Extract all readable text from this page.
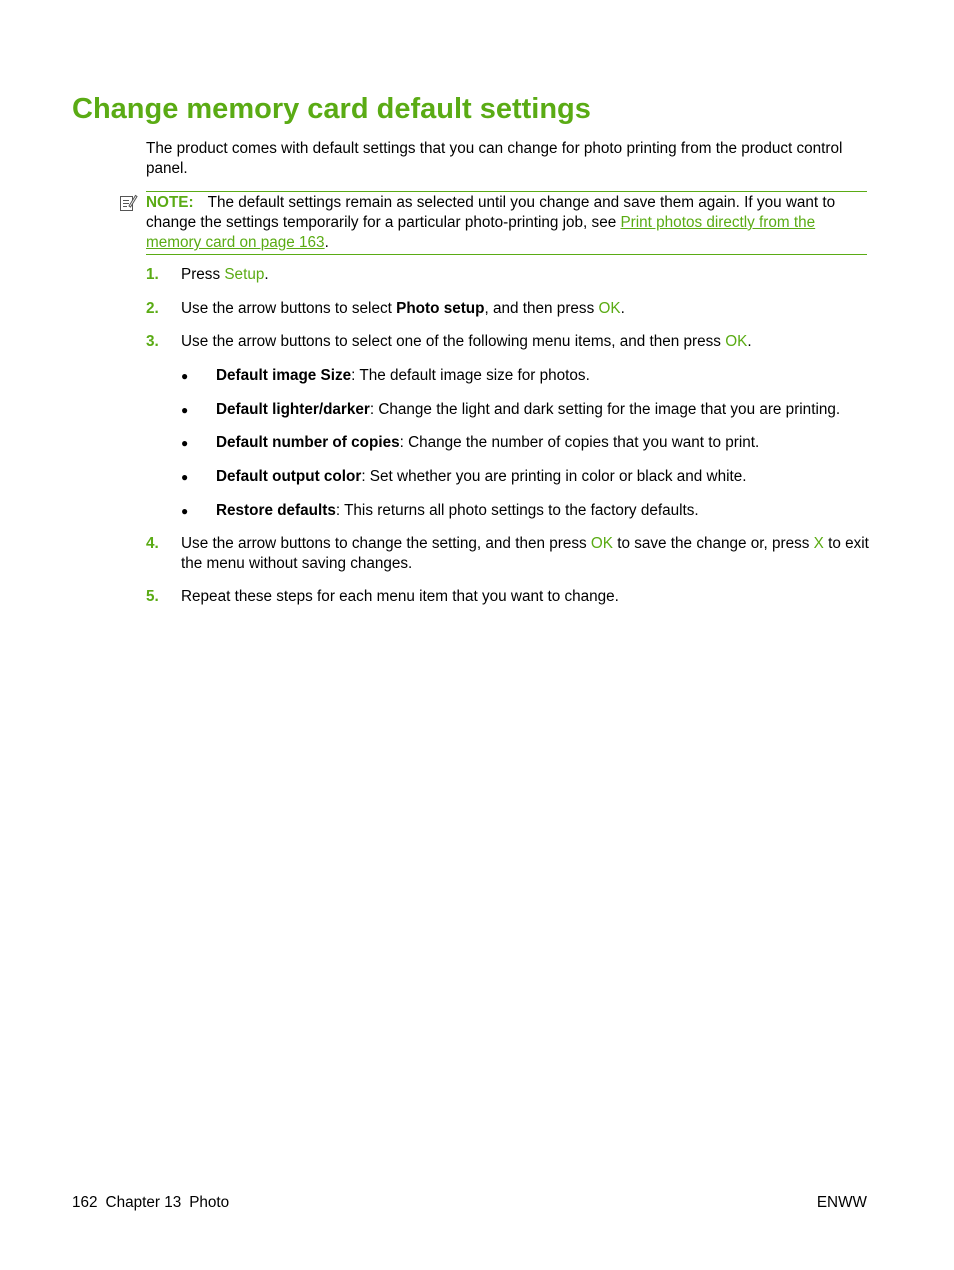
Change memory card default settings

The product comes with default settings that you can change for photo printing from the product control panel.

NOTE: The default settings remain as selected until you change and save them again. If you want to change the settings temporarily for a particular photo-printing job, see Print photos directly from the memory card on page 163.
1. Press Setup.
2. Use the arrow buttons to select Photo setup, and then press OK.
3. Use the arrow buttons to select one of the following menu items, and then press OK.
● Default image Size: The default image size for photos.
● Default lighter/darker: Change the light and dark setting for the image that you are printing.
● Default number of copies: Change the number of copies that you want to print.
● Default output color: Set whether you are printing in color or black and white.
● Restore defaults: This returns all photo settings to the factory defaults.
4. Use the arrow buttons to change the setting, and then press OK to save the change or, press X to exit the menu without saving changes.
5. Repeat these steps for each menu item that you want to change.
162 Chapter 13 Photo	ENWW
